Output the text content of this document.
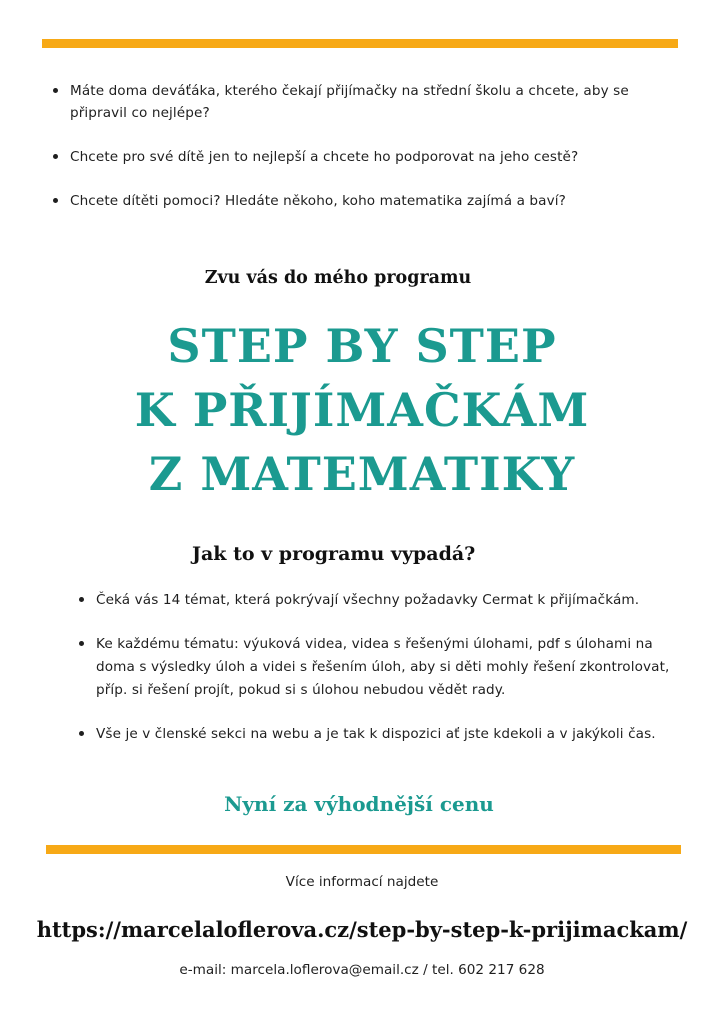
Máte doma deváťáka, kterého čekají přijímačky na střední školu a chcete, aby se připravil co nejlépe?
Chcete pro své dítě jen to nejlepší a chcete ho podporovat na jeho cestě?
Chcete dítěti pomoci? Hledáte někoho, koho matematika zajímá a baví?
Zvu vás do mého programu
STEP BY STEP
K PŘIJÍMAČKÁM
Z MATEMATIKY
Jak to v programu vypadá?
Čeká vás 14 témat, která pokrývají všechny požadavky Cermat k přijímačkám.
Ke každému tématu: výuková videa, videa s řešenými úlohami, pdf s úlohami na doma s výsledky úloh a videi s řešením úloh, aby si děti mohly řešení zkontrolovat, příp. si řešení projít, pokud si s úlohou nebudou vědět rady.
Vše je v členské sekci na webu a je tak k dispozici ať jste kdekoli a v jakýkoli čas.
Nyní za výhodnější cenu
Více informací najdete
https://marcelaloflerova.cz/step-by-step-k-prijimackam/
e-mail: marcela.loflerova@email.cz / tel. 602 217 628
